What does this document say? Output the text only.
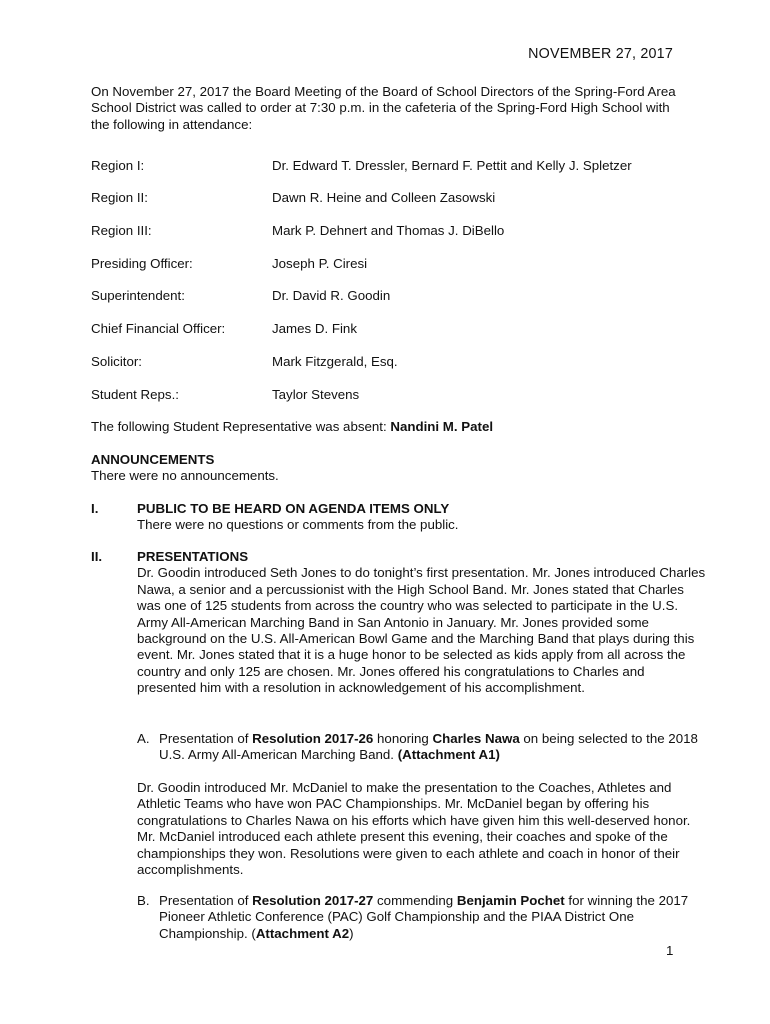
NOVEMBER 27, 2017
On November 27, 2017 the Board Meeting of the Board of School Directors of the Spring-Ford Area School District was called to order at 7:30 p.m. in the cafeteria of the Spring-Ford High School with the following in attendance:
Region I:	Dr. Edward T. Dressler, Bernard F. Pettit and Kelly J. Spletzer
Region II:	Dawn R. Heine and Colleen Zasowski
Region III:	Mark P. Dehnert and Thomas J. DiBello
Presiding Officer:	Joseph P. Ciresi
Superintendent:	Dr. David R. Goodin
Chief Financial Officer:	James D. Fink
Solicitor:	Mark Fitzgerald, Esq.
Student Reps.:	Taylor Stevens
The following Student Representative was absent: Nandini M. Patel
ANNOUNCEMENTS
There were no announcements.
I.	PUBLIC TO BE HEARD ON AGENDA ITEMS ONLY
There were no questions or comments from the public.
II.	PRESENTATIONS
Dr. Goodin introduced Seth Jones to do tonight’s first presentation. Mr. Jones introduced Charles Nawa, a senior and a percussionist with the High School Band. Mr. Jones stated that Charles was one of 125 students from across the country who was selected to participate in the U.S. Army All-American Marching Band in San Antonio in January. Mr. Jones provided some background on the U.S. All-American Bowl Game and the Marching Band that plays during this event. Mr. Jones stated that it is a huge honor to be selected as kids apply from all across the country and only 125 are chosen. Mr. Jones offered his congratulations to Charles and presented him with a resolution in acknowledgement of his accomplishment.
A. Presentation of Resolution 2017-26 honoring Charles Nawa on being selected to the 2018 U.S. Army All-American Marching Band. (Attachment A1)
Dr. Goodin introduced Mr. McDaniel to make the presentation to the Coaches, Athletes and Athletic Teams who have won PAC Championships. Mr. McDaniel began by offering his congratulations to Charles Nawa on his efforts which have given him this well-deserved honor. Mr. McDaniel introduced each athlete present this evening, their coaches and spoke of the championships they won. Resolutions were given to each athlete and coach in honor of their accomplishments.
B. Presentation of Resolution 2017-27 commending Benjamin Pochet for winning the 2017 Pioneer Athletic Conference (PAC) Golf Championship and the PIAA District One Championship. (Attachment A2)
1
